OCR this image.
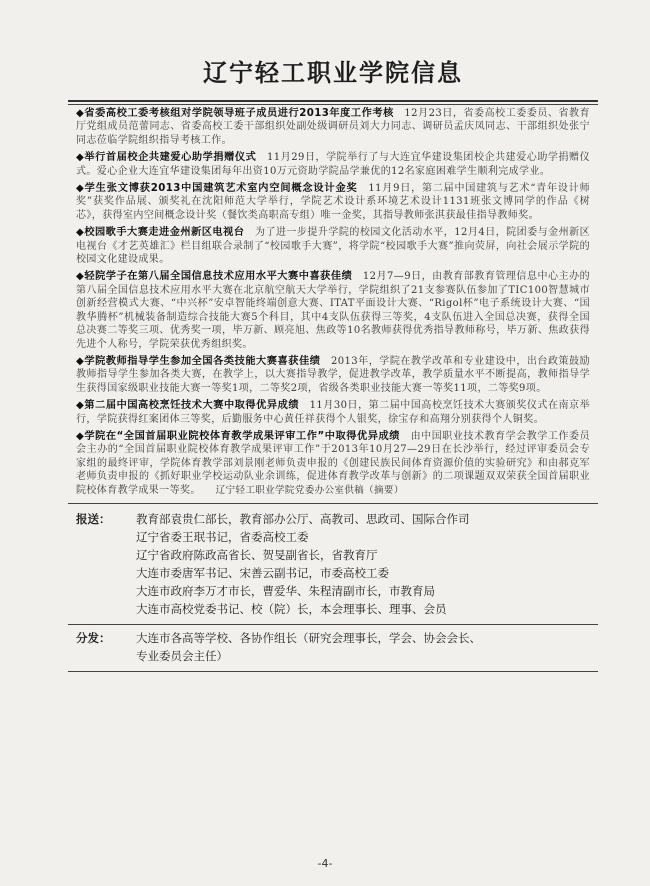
辽宁轻工职业学院信息

◆省委高校工委考核组对学院领导班子成员进行2013年度工作考核　 12月23日，省委高校工委委员、省教育厅党组成员范蕾同志、省委高校工委干部组织处副处级调研员刘大力同志、调研员孟庆凤同志、干部组织处张宁同志莅临学院组织指导考核工作。

◆举行首届校企共建爱心助学捐赠仪式　 11月29日，学院举行了与大连宜华建设集团校企共建爱心助学捐赠仪式。爱心企业大连宜华建设集团每年出资10万元资助学院品学兼优的12名家庭困难学生顺利完成学业。

◆学生张文博获2013中国建筑艺术室内空间概念设计金奖　 11月9日，第二届中国建筑与艺术“青年设计师奖”获奖作品展、颁奖礼在沈阳师范大学举行，学院艺术设计系环境艺术设计1131班张文博同学的作品《树芯》，获得室内空间概念设计奖（餐饮类高职高专组）唯一金奖，其指导教师张淇获最佳指导教师奖。

◆校园歌手大赛走进金州新区电视台　 为了进一步提升学院的校园文化活动水平，12月4日，院团委与金州新区电视台《才艺英雄汇》栏目组联合录制了“校园歌手大赛”，将学院“校园歌手大赛”推向荧屏，向社会展示学院的校园文化建设成果。

◆轻院学子在第八届全国信息技术应用水平大赛中喜获佳绩　 12月7—9日，由教育部教育管理信息中心主办的第八届全国信息技术应用水平大赛在北京航空航天大学举行，学院组织了21支参赛队伍参加了TIC100智慧城市创新经营模式大赛、“中兴杯”安卓智能终端创意大赛、ITAT平面设计大赛、“Rigol杯”电子系统设计大赛、“国教华腾杯”机械装备制造综合技能大赛5个科目，其中4支队伍获得三等奖，4支队伍进入全国总决赛，获得全国总决赛二等奖三项、优秀奖一项，毕万新、顾亮旭、焦政等10名教师获得优秀指导教师称号，毕万新、焦政获得先进个人称号，学院荣获优秀组织奖。

◆学院教师指导学生参加全国各类技能大赛喜获佳绩　 2013年，学院在教学改革和专业建设中，出台政策鼓励教师指导学生参加各类大赛，在教学上，以大赛指导教学，促进教学改革，教学质量水平不断提高，教师指导学生获得国家级职业技能大赛一等奖1项，二等奖2项，省级各类职业技能大赛一等奖11项，二等奖9项。

◆第二届中国高校烹饪技术大赛中取得优异成绩　 11月30日，第二届中国高校烹饪技术大赛颁奖仪式在南京举行，学院获得红案团体三等奖，后勤服务中心黄任祥获得个人银奖，徐宝存和高翔分别获得个人铜奖。

◆学院在“全国首届职业院校体育教学成果评审工作”中取得优异成绩　 由中国职业技术教育学会教学工作委员会主办的“全国首届职业院校体育教学成果评审工作”于2013年10月27—29日在长沙举行，经过评审委员会专家组的最终评审，学院体育教学部刘景刚老师负责申报的《创建民族民间体育资源价值的实验研究》和由郝克军老师负责申报的《抓好职业学校运动队业余训练，促进体育教学改革与创新》的二项课题双双荣获全国首届职业院校体育教学成果一等奖。　　 辽宁轻工职业学院党委办公室供稿（摘要）

报送：	教育部袁贵仁部长，教育部办公厅、高教司、思政司、国际合作司
辽宁省委王珉书记，省委高校工委
辽宁省政府陈政高省长、贺旻副省长，省教育厅
大连市委唐军书记、宋善云副书记，市委高校工委
大连市政府李万才市长，曹爱华、朱程清副市长，市教育局
大连市高校党委书记、校（院）长，本会理事长、理事、会员
分发：	大连市各高等学校、各协作组长（研究会理事长，学会、协会会长、
专业委员会主任）
-4-
